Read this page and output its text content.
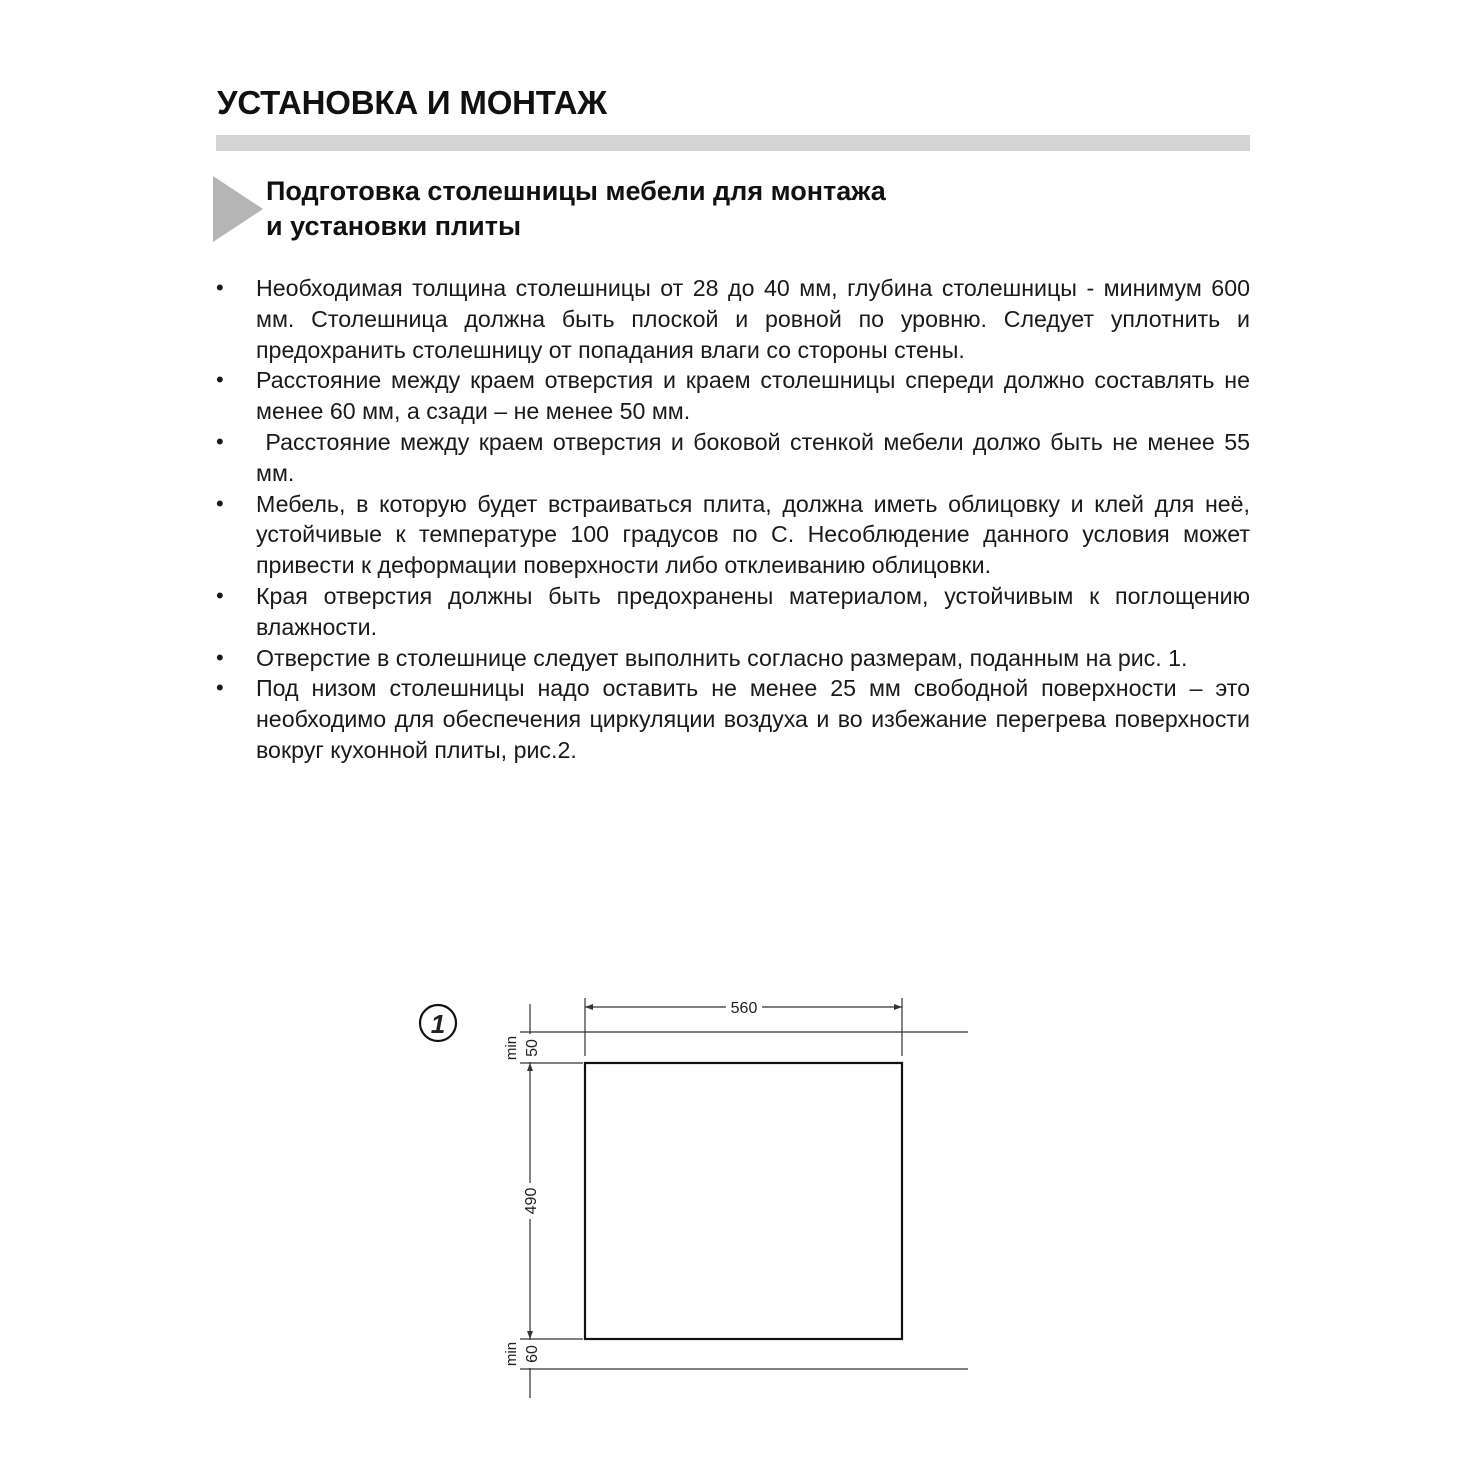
УСТАНОВКА И МОНТАЖ
Подготовка столешницы мебели для монтажа
и установки плиты
•	Необходимая толщина столешницы от 28 до 40 мм, глубина столешницы - минимум 600 мм. Столешница должна быть плоской и ровной по уровню. Следует уплотнить и предохранить столешницу от попадания влаги со стороны стены.
•	Расстояние между краем отверстия и краем столешницы спереди должно составлять не менее 60 мм, а сзади – не менее 50 мм.
•	Расстояние между краем отверстия и боковой стенкой мебели должо быть не менее 55 мм.
•	Мебель, в которую будет встраиваться плита, должна иметь облицовку и клей для неё, устойчивые к температуре 100 градусов по С. Несоблюдение данного условия может привести к деформации поверхности либо отклеиванию облицовки.
•	Края отверстия должны быть предохранены материалом, устойчивым к поглощению влажности.
•	Отверстие в столешнице следует выполнить согласно размерам, поданным на рис. 1.
•	Под низом столешницы надо оставить не менее 25 мм свободной поверхности – это необходимо для обеспечения циркуляции воздуха и во избежание перегрева поверхности вокруг кухонной плиты, рис.2.
1
560
50
min
490
60
min
